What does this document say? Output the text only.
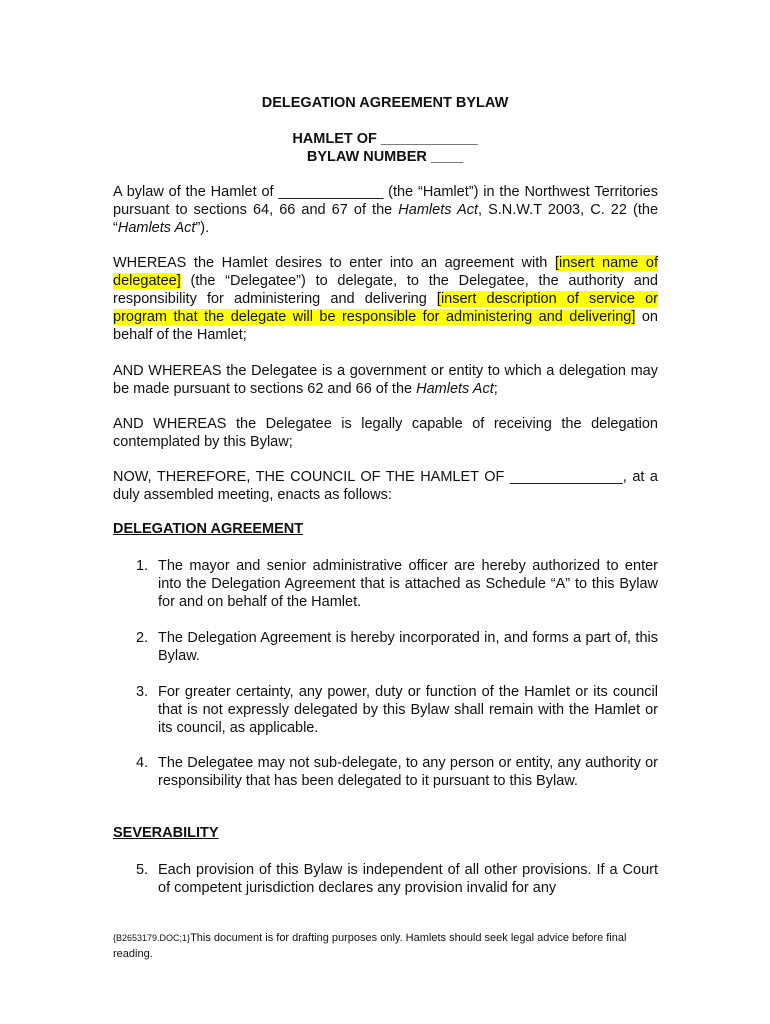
DELEGATION AGREEMENT BYLAW
HAMLET OF ____________
BYLAW NUMBER ____
A bylaw of the Hamlet of _____________ (the “Hamlet”) in the Northwest Territories pursuant to sections 64, 66 and 67 of the Hamlets Act, S.N.W.T 2003, C. 22 (the “Hamlets Act”).
WHEREAS the Hamlet desires to enter into an agreement with [insert name of delegatee] (the “Delegatee”) to delegate, to the Delegatee, the authority and responsibility for administering and delivering [insert description of service or program that the delegate will be responsible for administering and delivering] on behalf of the Hamlet;
AND WHEREAS the Delegatee is a government or entity to which a delegation may be made pursuant to sections 62 and 66 of the Hamlets Act;
AND WHEREAS the Delegatee is legally capable of receiving the delegation contemplated by this Bylaw;
NOW, THEREFORE, THE COUNCIL OF THE HAMLET OF ______________, at a duly assembled meeting, enacts as follows:
DELEGATION AGREEMENT
1. The mayor and senior administrative officer are hereby authorized to enter into the Delegation Agreement that is attached as Schedule “A” to this Bylaw for and on behalf of the Hamlet.
2. The Delegation Agreement is hereby incorporated in, and forms a part of, this Bylaw.
3. For greater certainty, any power, duty or function of the Hamlet or its council that is not expressly delegated by this Bylaw shall remain with the Hamlet or its council, as applicable.
4. The Delegatee may not sub-delegate, to any person or entity, any authority or responsibility that has been delegated to it pursuant to this Bylaw.
SEVERABILITY
5. Each provision of this Bylaw is independent of all other provisions. If a Court of competent jurisdiction declares any provision invalid for any
{B2653179.DOC;1}This document is for drafting purposes only. Hamlets should seek legal advice before final reading.
